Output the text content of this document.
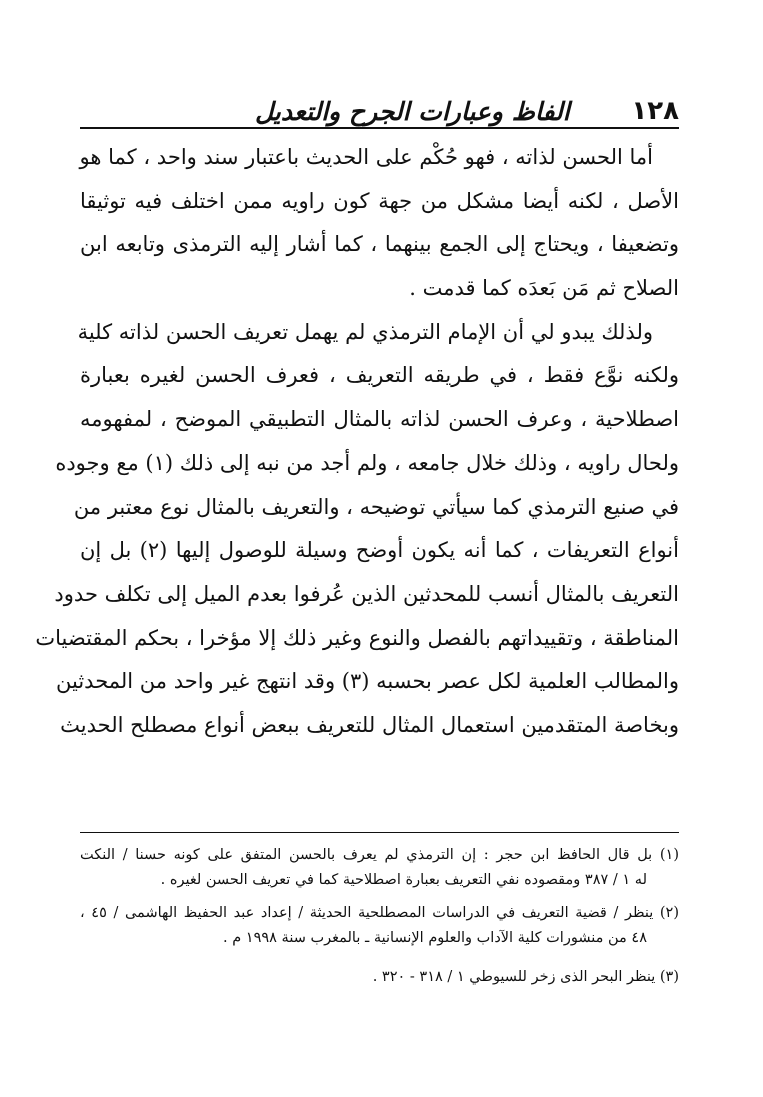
الفاظ وعبارات الجرح والتعديل ١٢٨
أما الحسن لذاته ، فهو حُكْم على الحديث باعتبار سند واحد ، كما هو
الأصل ، لكنه أيضا مشكل من جهة كون راويه ممن اختلف فيه توثيقا
وتضعيفا ، ويحتاج إلى الجمع بينهما ، كما أشار إليه الترمذى وتابعه ابن
الصلاح ثم مَن بَعدَه كما قدمت .
ولذلك يبدو لي أن الإمام الترمذي لم يهمل تعريف الحسن لذاته كلية
ولكنه نوَّع فقط ، في طريقه التعريف ، فعرف الحسن لغيره بعبارة
اصطلاحية ، وعرف الحسن لذاته بالمثال التطبيقي الموضح ، لمفهومه
ولحال راويه ، وذلك خلال جامعه ، ولم أجد من نبه إلى ذلك (١) مع وجوده
في صنيع الترمذي كما سيأتي توضيحه ، والتعريف بالمثال نوع معتبر من
أنواع التعريفات ، كما أنه يكون أوضح وسيلة للوصول إليها (٢) بل إن
التعريف بالمثال أنسب للمحدثين الذين عُرفوا بعدم الميل إلى تكلف حدود
المناطقة ، وتقييداتهم بالفصل والنوع وغير ذلك إلا مؤخرا ، بحكم المقتضيات
والمطالب العلمية لكل عصر بحسبه (٣) وقد انتهج غير واحد من المحدثين
وبخاصة المتقدمين استعمال المثال للتعريف ببعض أنواع مصطلح الحديث
(١) بل قال الحافظ ابن حجر : إن الترمذي لم يعرف بالحسن المتفق على كونه حسنا / النكت
له ١ / ٣٨٧ ومقصوده نفي التعريف بعبارة اصطلاحية كما في تعريف الحسن لغيره .
(٢) ينظر / قضية التعريف في الدراسات المصطلحية الحديثة / إعداد عبد الحفيظ الهاشمى / ٤٥ ،
٤٨ من منشورات كلية الآداب والعلوم الإنسانية ـ بالمغرب سنة ١٩٩٨ م .
(٣) ينظر البحر الذى زخر للسيوطي ١ / ٣١٨ - ٣٢٠ .
